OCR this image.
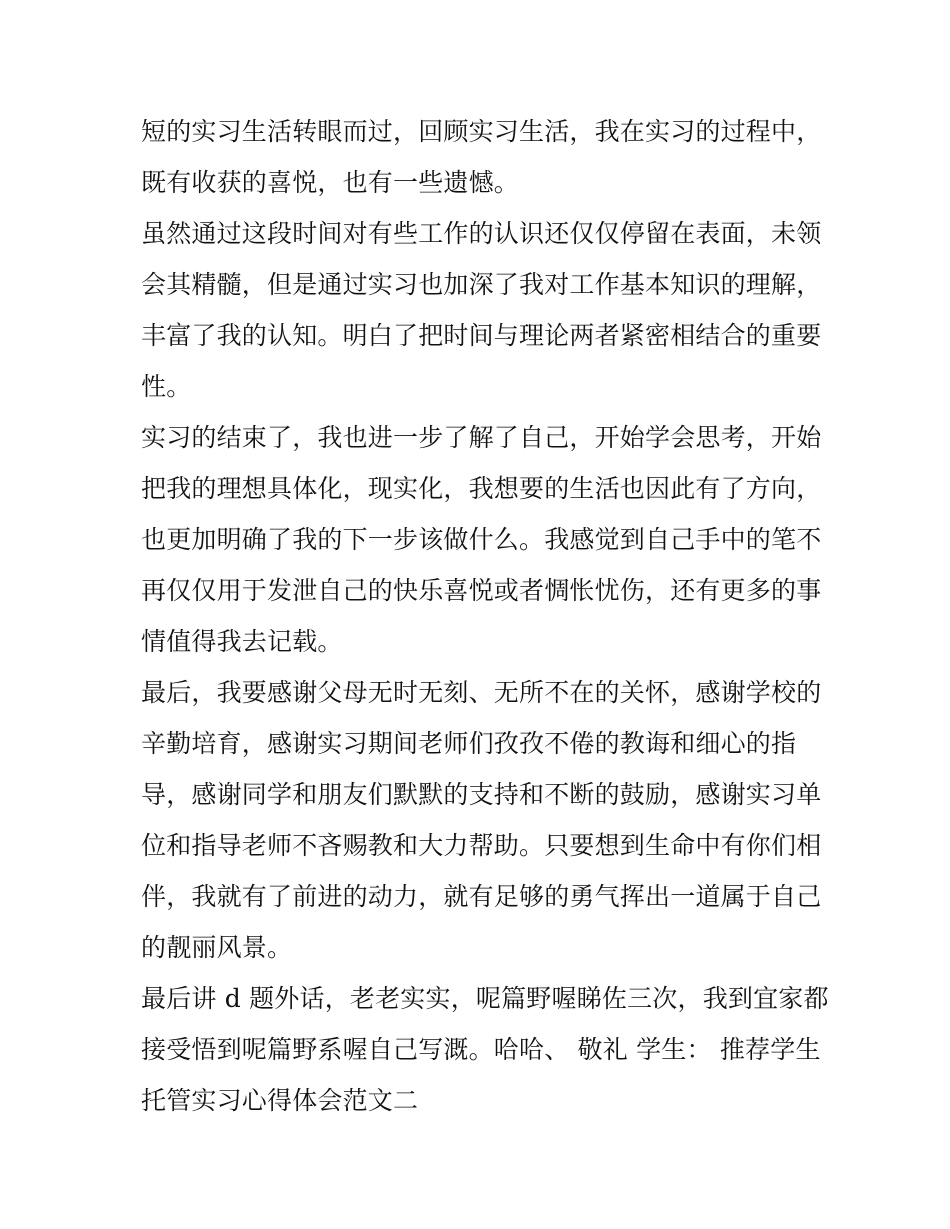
短的实习生活转眼而过，回顾实习生活，我在实习的过程中，
既有收获的喜悦，也有一些遗憾。
虽然通过这段时间对有些工作的认识还仅仅停留在表面，未领
会其精髓，但是通过实习也加深了我对工作基本知识的理解，
丰富了我的认知。明白了把时间与理论两者紧密相结合的重要
性。
实习的结束了，我也进一步了解了自己，开始学会思考，开始
把我的理想具体化，现实化，我想要的生活也因此有了方向，
也更加明确了我的下一步该做什么。我感觉到自己手中的笔不
再仅仅用于发泄自己的快乐喜悦或者惆怅忧伤，还有更多的事
情值得我去记载。
最后，我要感谢父母无时无刻、无所不在的关怀，感谢学校的
辛勤培育，感谢实习期间老师们孜孜不倦的教诲和细心的指
导，感谢同学和朋友们默默的支持和不断的鼓励，感谢实习单
位和指导老师不吝赐教和大力帮助。只要想到生命中有你们相
伴，我就有了前进的动力，就有足够的勇气挥出一道属于自己
的靓丽风景。
最后讲 d 题外话，老老实实，呢篇野喔睇佐三次，我到宜家都
接受悟到呢篇野系喔自己写溉。哈哈、 敬礼 学生： 推荐学生
托管实习心得体会范文二
